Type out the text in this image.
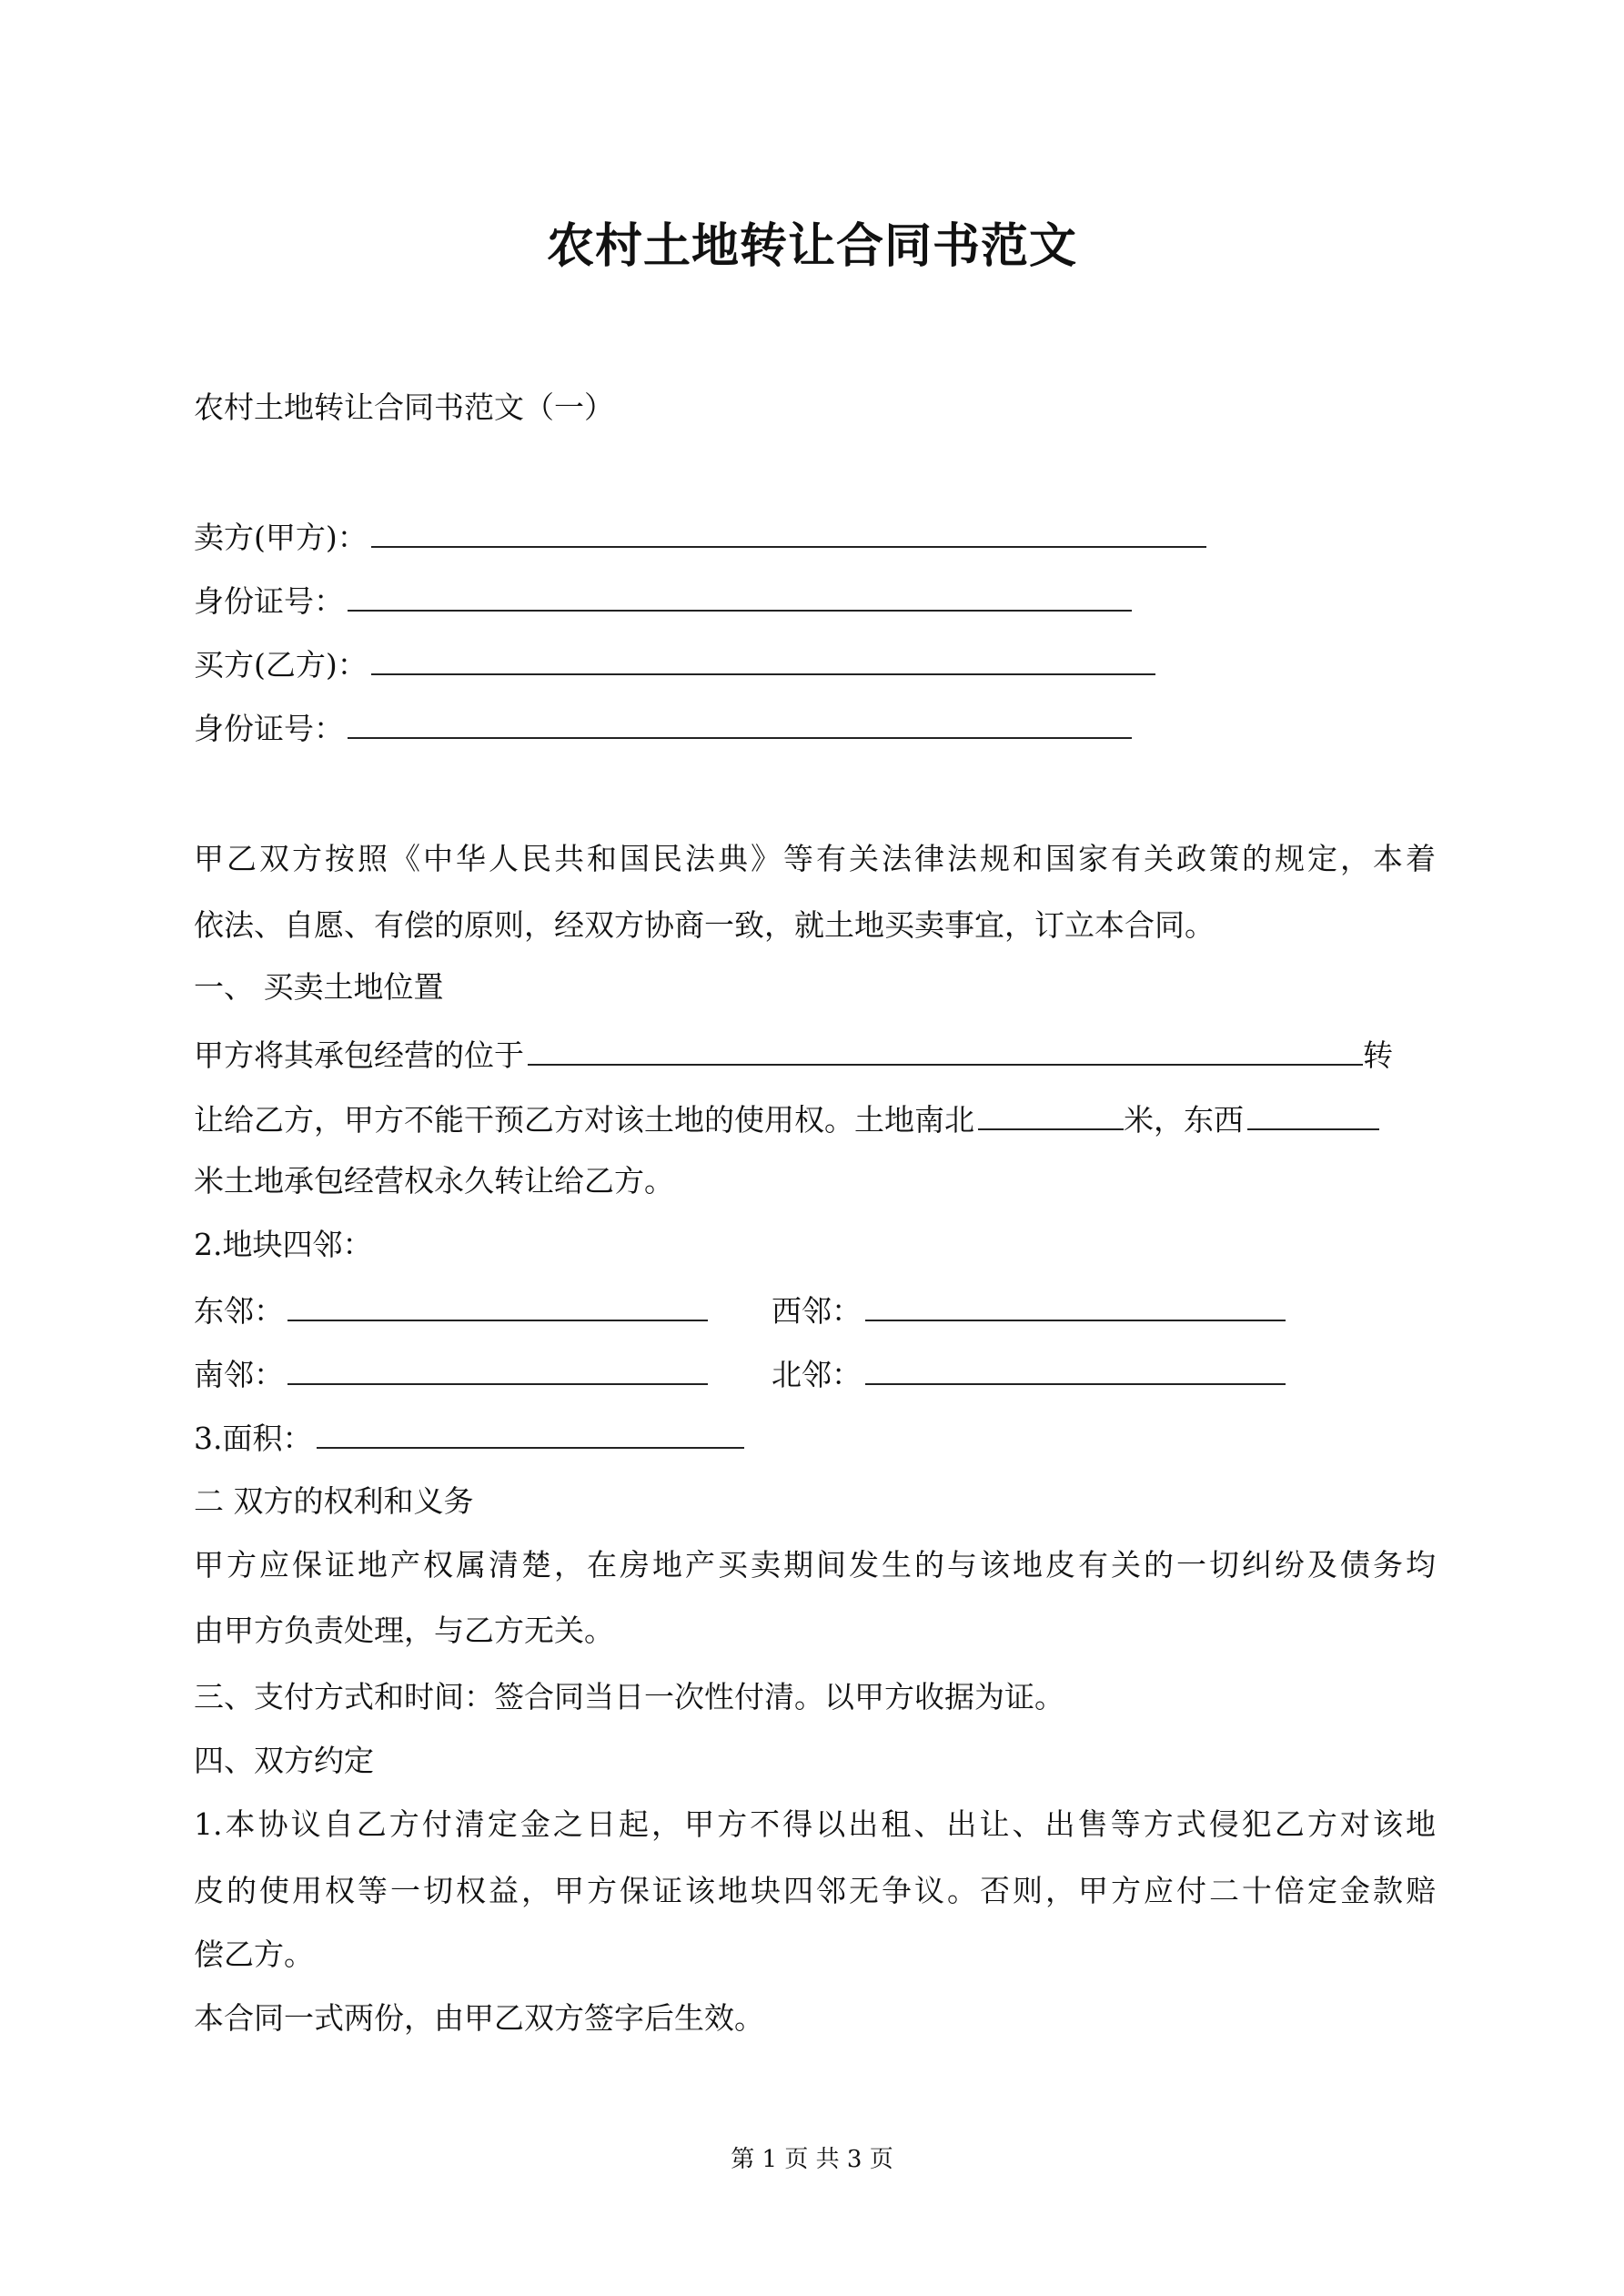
农村土地转让合同书范文
农村土地转让合同书范文（一）
卖方(甲方)：
身份证号：
买方(乙方)：
身份证号：
甲乙双方按照《中华人民共和国民法典》等有关法律法规和国家有关政策的规定，本着
依法、自愿、有偿的原则，经双方协商一致，就土地买卖事宜，订立本合同。
一、 买卖土地位置
甲方将其承包经营的位于	转
让给乙方，甲方不能干预乙方对该土地的使用权。土地南北	米，东西
米土地承包经营权永久转让给乙方。
2.地块四邻：
东邻：	西邻：
南邻：	北邻：
3.面积：
二 双方的权利和义务
甲方应保证地产权属清楚，在房地产买卖期间发生的与该地皮有关的一切纠纷及债务均
由甲方负责处理，与乙方无关。
三、支付方式和时间：签合同当日一次性付清。以甲方收据为证。
四、双方约定
1.本协议自乙方付清定金之日起，甲方不得以出租、出让、出售等方式侵犯乙方对该地
皮的使用权等一切权益，甲方保证该地块四邻无争议。否则，甲方应付二十倍定金款赔
偿乙方。
本合同一式两份，由甲乙双方签字后生效。
第 1 页 共 3 页
